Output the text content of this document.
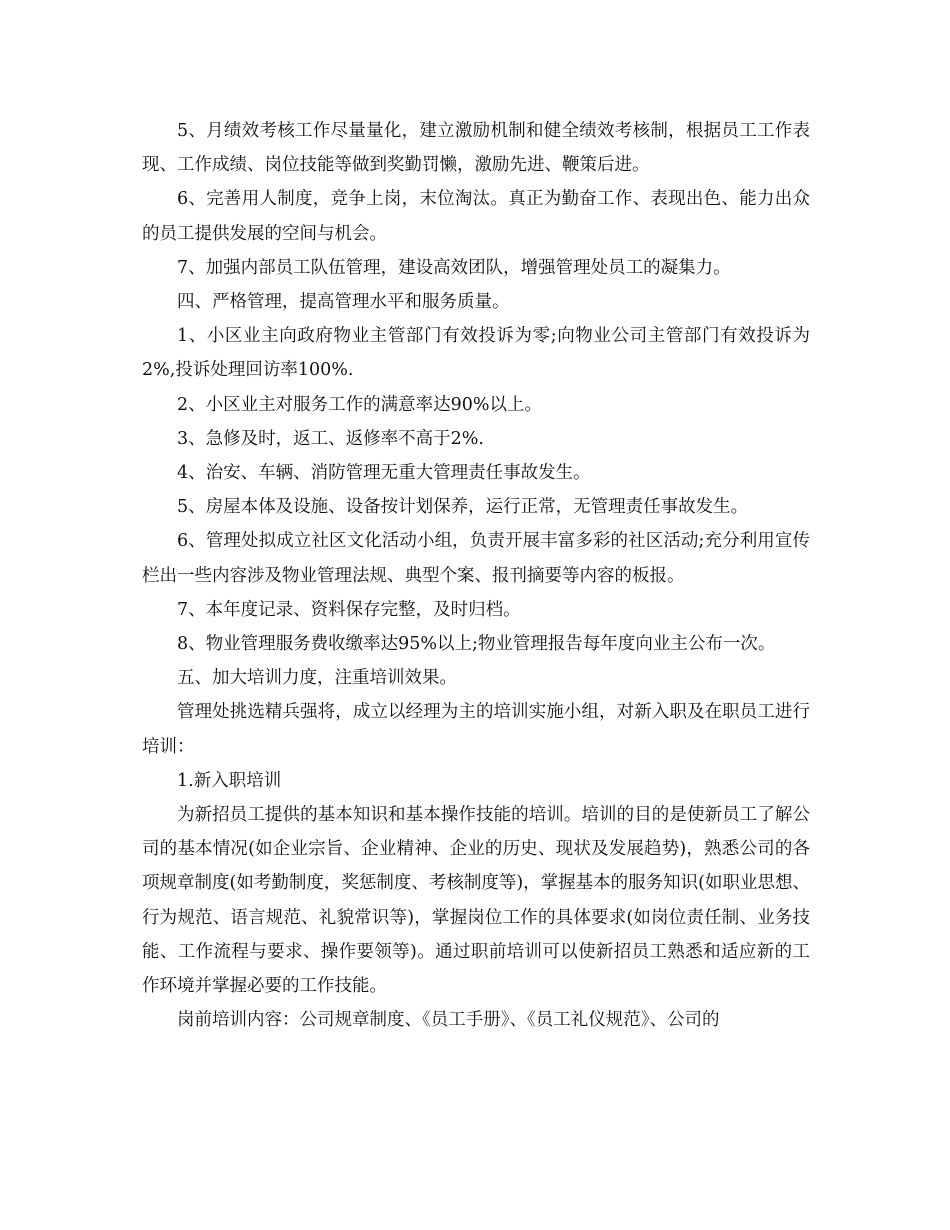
5、月绩效考核工作尽量量化，建立激励机制和健全绩效考核制，根据员工工作表现、工作成绩、岗位技能等做到奖勤罚懒，激励先进、鞭策后进。

6、完善用人制度，竞争上岗，末位淘汰。真正为勤奋工作、表现出色、能力出众的员工提供发展的空间与机会。

7、加强内部员工队伍管理，建设高效团队，增强管理处员工的凝集力。

四、严格管理，提高管理水平和服务质量。

1、小区业主向政府物业主管部门有效投诉为零;向物业公司主管部门有效投诉为2%,投诉处理回访率100%.

2、小区业主对服务工作的满意率达90%以上。

3、急修及时，返工、返修率不高于2%.

4、治安、车辆、消防管理无重大管理责任事故发生。

5、房屋本体及设施、设备按计划保养，运行正常，无管理责任事故发生。

6、管理处拟成立社区文化活动小组，负责开展丰富多彩的社区活动;充分利用宣传栏出一些内容涉及物业管理法规、典型个案、报刊摘要等内容的板报。

7、本年度记录、资料保存完整，及时归档。

8、物业管理服务费收缴率达95%以上;物业管理报告每年度向业主公布一次。

五、加大培训力度，注重培训效果。

管理处挑选精兵强将，成立以经理为主的培训实施小组，对新入职及在职员工进行培训：

1.新入职培训

为新招员工提供的基本知识和基本操作技能的培训。培训的目的是使新员工了解公司的基本情况(如企业宗旨、企业精神、企业的历史、现状及发展趋势)，熟悉公司的各项规章制度(如考勤制度，奖惩制度、考核制度等)，掌握基本的服务知识(如职业思想、行为规范、语言规范、礼貌常识等)，掌握岗位工作的具体要求(如岗位责任制、业务技能、工作流程与要求、操作要领等)。通过职前培训可以使新招员工熟悉和适应新的工作环境并掌握必要的工作技能。

岗前培训内容：公司规章制度、《员工手册》、《员工礼仪规范》、公司的
